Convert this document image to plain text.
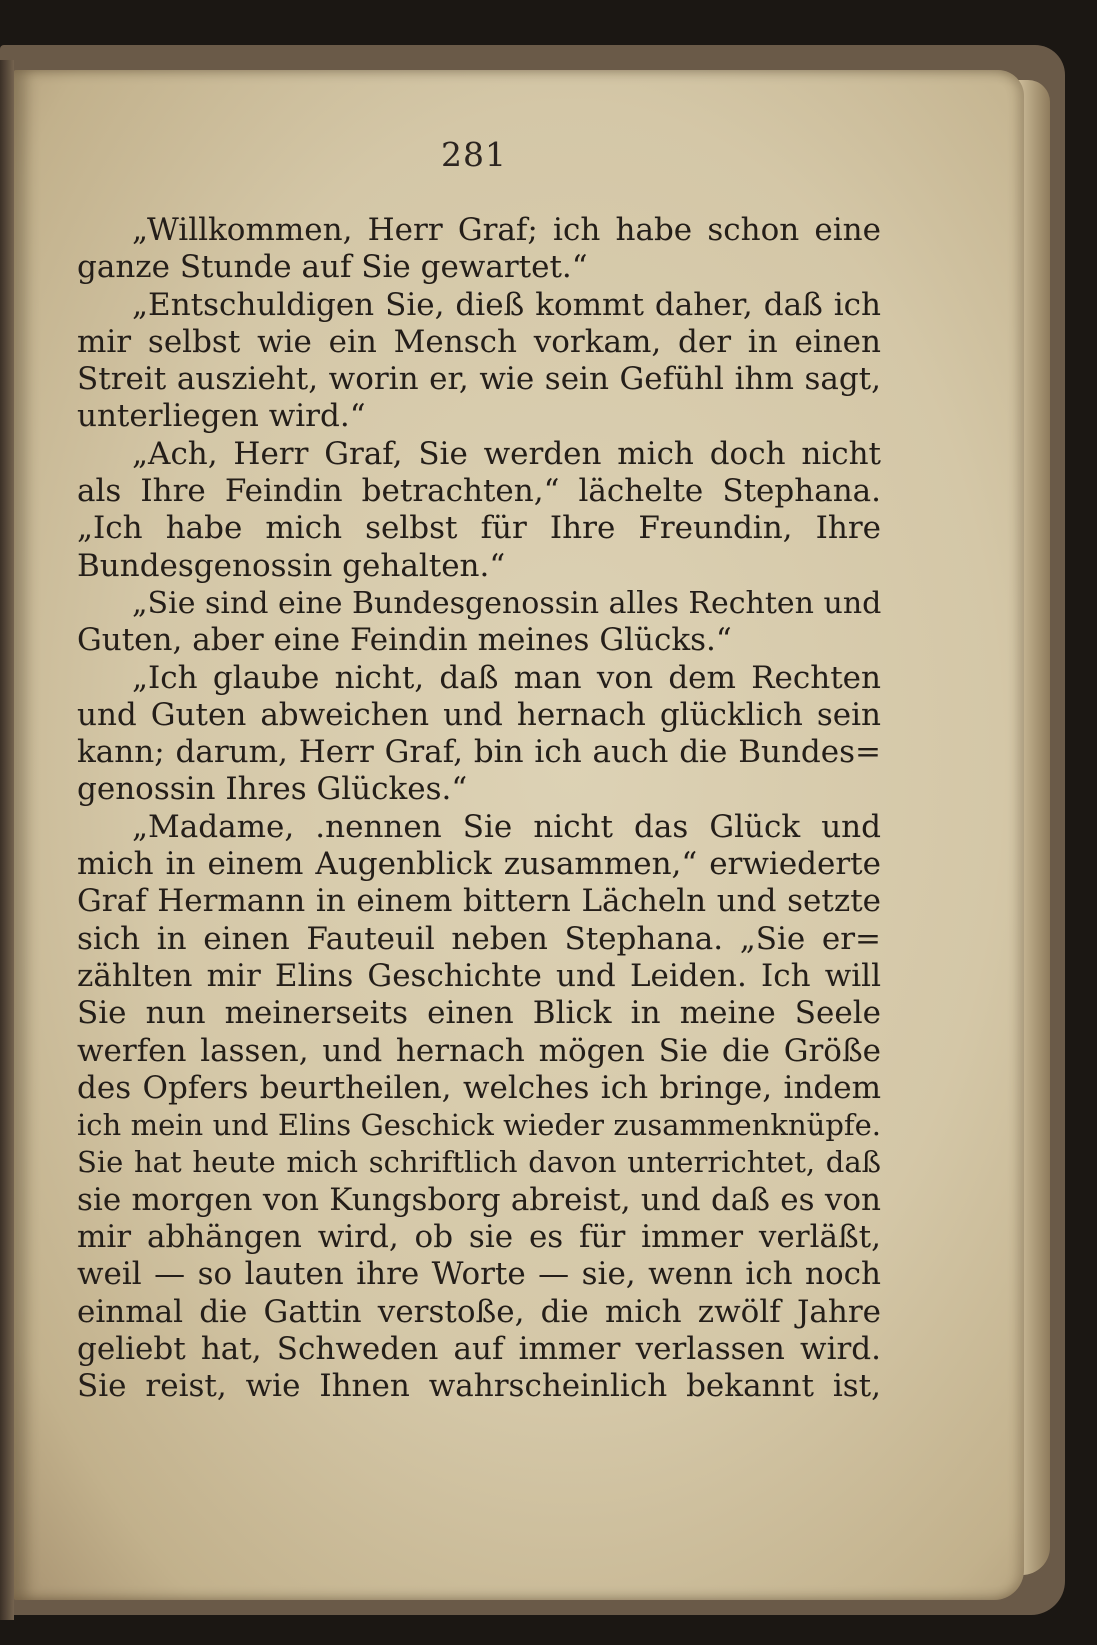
281
„Willkommen, Herr Graf; ich habe schon eine
ganze Stunde auf Sie gewartet.“
„Entschuldigen Sie, dieß kommt daher, daß ich
mir selbst wie ein Mensch vorkam, der in einen
Streit auszieht, worin er, wie sein Gefühl ihm sagt,
unterliegen wird.“
„Ach, Herr Graf, Sie werden mich doch nicht
als Ihre Feindin betrachten,“ lächelte Stephana.
„Ich habe mich selbst für Ihre Freundin, Ihre
Bundesgenossin gehalten.“
„Sie sind eine Bundesgenossin alles Rechten und
Guten, aber eine Feindin meines Glücks.“
„Ich glaube nicht, daß man von dem Rechten
und Guten abweichen und hernach glücklich sein
kann; darum, Herr Graf, bin ich auch die Bundes=
genossin Ihres Glückes.“
„Madame, .nennen Sie nicht das Glück und
mich in einem Augenblick zusammen,“ erwiederte
Graf Hermann in einem bittern Lächeln und setzte
sich in einen Fauteuil neben Stephana. „Sie er=
zählten mir Elins Geschichte und Leiden. Ich will
Sie nun meinerseits einen Blick in meine Seele
werfen lassen, und hernach mögen Sie die Größe
des Opfers beurtheilen, welches ich bringe, indem
ich mein und Elins Geschick wieder zusammenknüpfe.
Sie hat heute mich schriftlich davon unterrichtet, daß
sie morgen von Kungsborg abreist, und daß es von
mir abhängen wird, ob sie es für immer verläßt,
weil — so lauten ihre Worte — sie, wenn ich noch
einmal die Gattin verstoße, die mich zwölf Jahre
geliebt hat, Schweden auf immer verlassen wird.
Sie reist, wie Ihnen wahrscheinlich bekannt ist,
